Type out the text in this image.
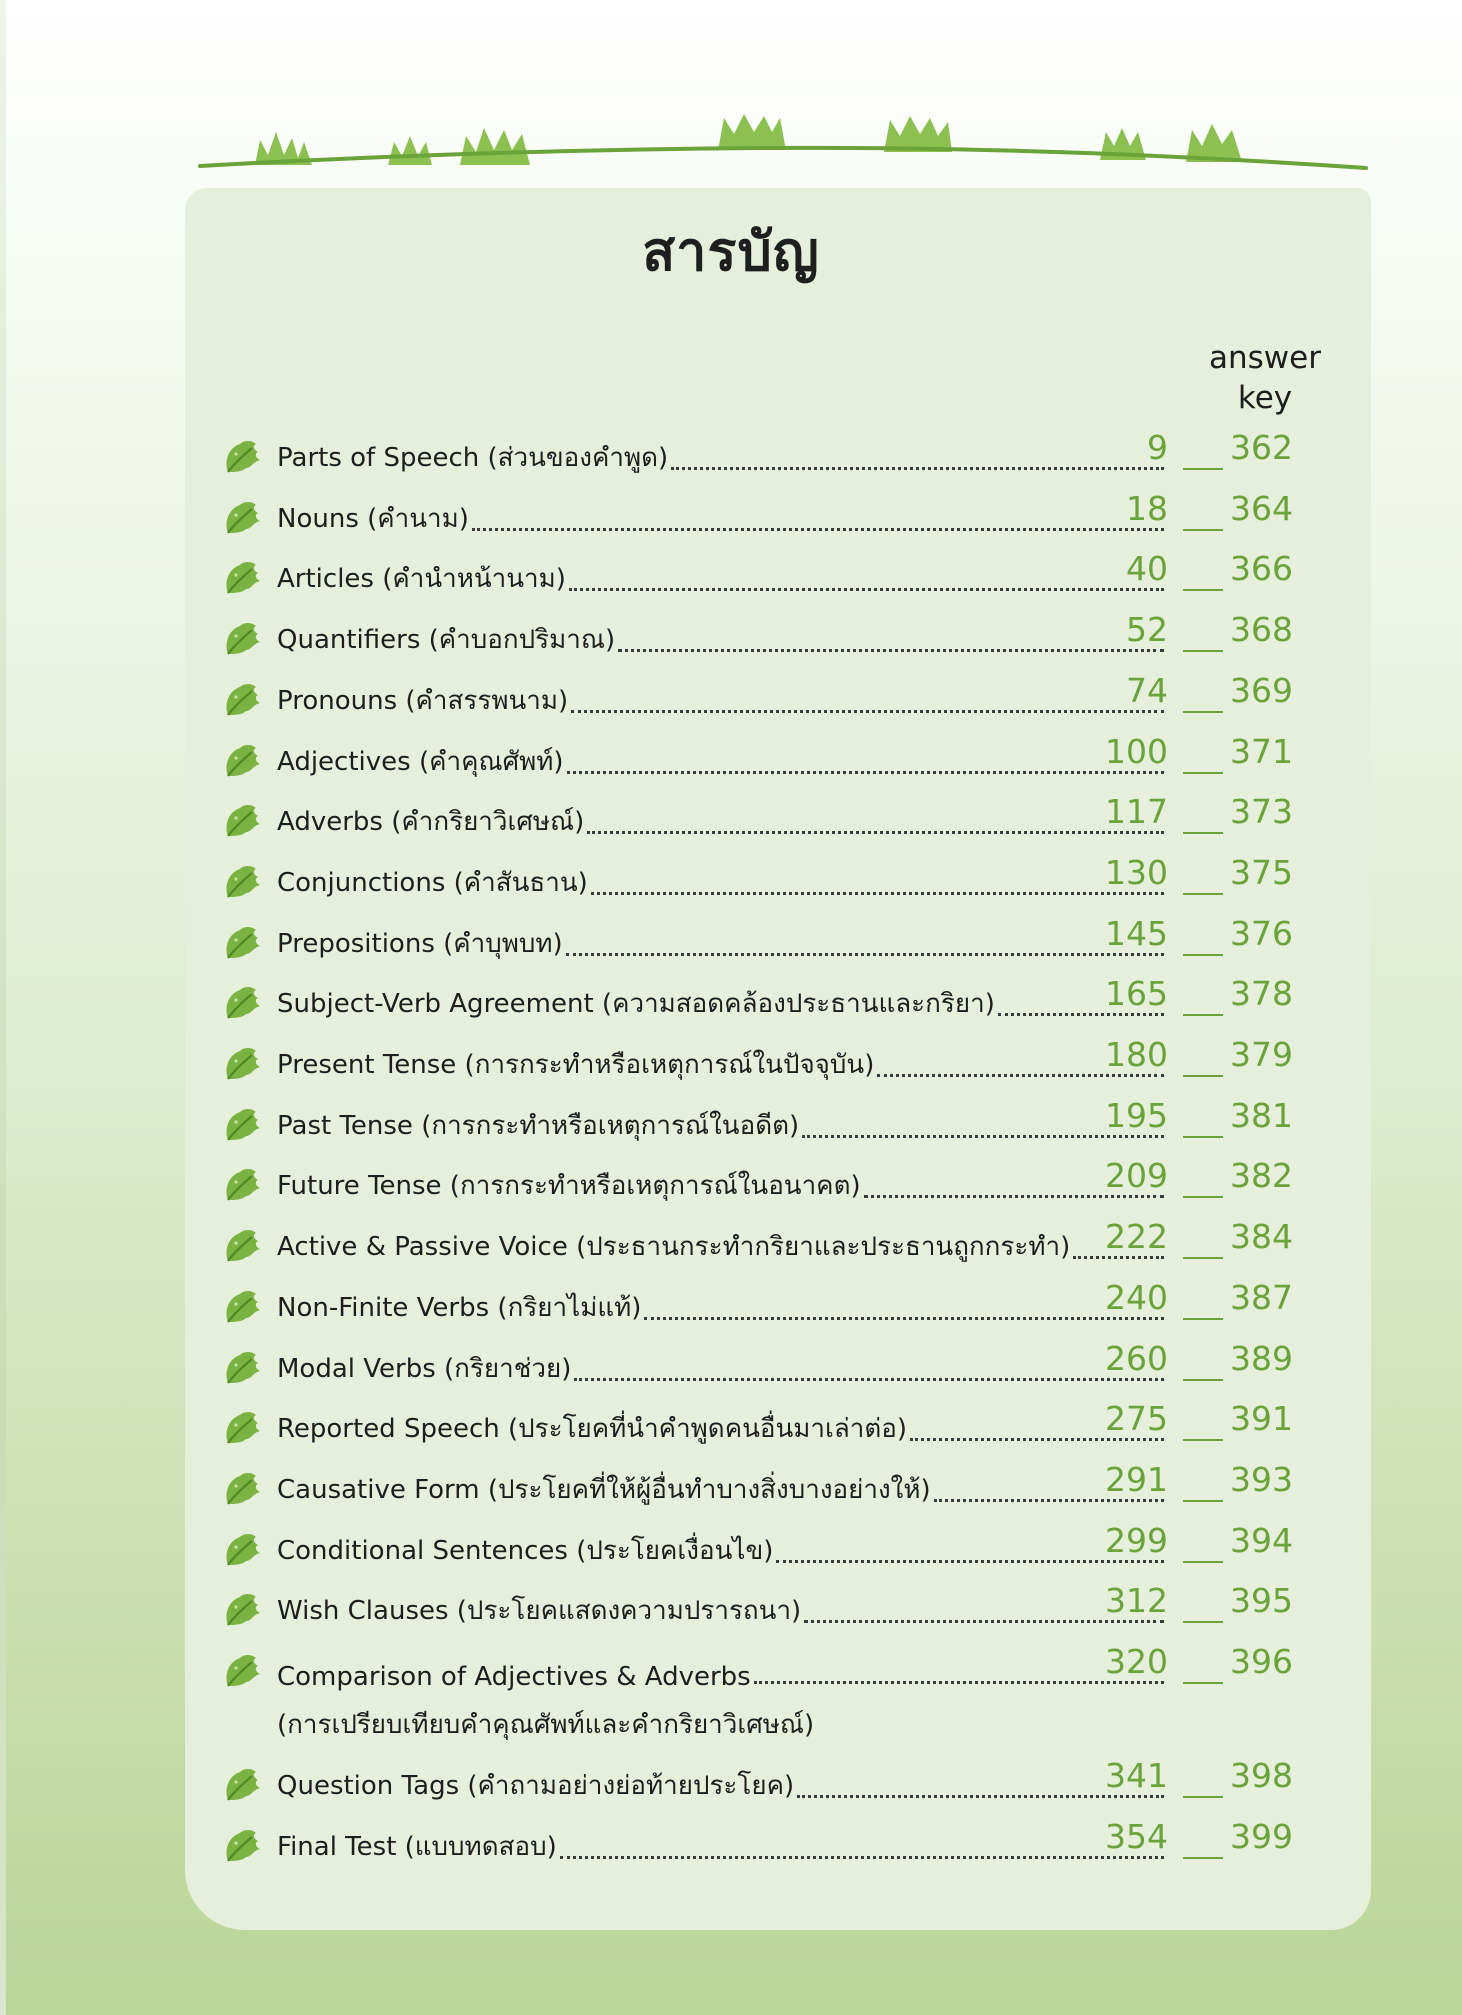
สารบัญ
answer
key
Parts of Speech (ส่วนของคำพูด)	9 362
Nouns (คำนาม)	18 364
Articles (คำนำหน้านาม)	40 366
Quantifiers (คำบอกปริมาณ)	52 368
Pronouns (คำสรรพนาม)	74 369
Adjectives (คำคุณศัพท์)	100 371
Adverbs (คำกริยาวิเศษณ์)	117 373
Conjunctions (คำสันธาน)	130 375
Prepositions (คำบุพบท)	145 376
Subject-Verb Agreement (ความสอดคล้องประธานและกริยา)	165 378
Present Tense (การกระทำหรือเหตุการณ์ในปัจจุบัน)	180 379
Past Tense (การกระทำหรือเหตุการณ์ในอดีต)	195 381
Future Tense (การกระทำหรือเหตุการณ์ในอนาคต)	209 382
Active & Passive Voice (ประธานกระทำกริยาและประธานถูกกระทำ)	222 384
Non-Finite Verbs (กริยาไม่แท้)	240 387
Modal Verbs (กริยาช่วย)	260 389
Reported Speech (ประโยคที่นำคำพูดคนอื่นมาเล่าต่อ)	275 391
Causative Form (ประโยคที่ให้ผู้อื่นทำบางสิ่งบางอย่างให้)	291 393
Conditional Sentences (ประโยคเงื่อนไข)	299 394
Wish Clauses (ประโยคแสดงความปรารถนา)	312 395
Comparison of Adjectives & Adverbs	320 396
(การเปรียบเทียบคำคุณศัพท์และคำกริยาวิเศษณ์)
Question Tags (คำถามอย่างย่อท้ายประโยค)	341 398
Final Test (แบบทดสอบ)	354 399
